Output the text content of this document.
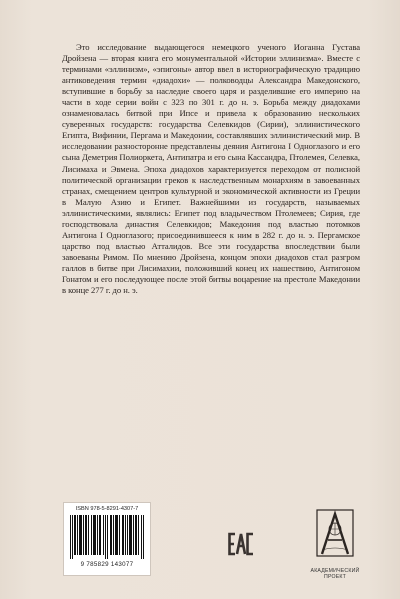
Это исследование выдающегося немецкого ученого Иоганна Густава Дройзена — вторая книга его монументальной «Истории эллинизма». Вместе с терминами «эллинизм», «эпигоны» автор ввел в историографическую традицию антиковедения термин «диадохи» — полководцы Александра Македонского, вступившие в борьбу за наследие своего царя и разделившие его империю на части в ходе серии войн с 323 по 301 г. до н. э. Борьба между диадохами ознаменовалась битвой при Ипсе и привела к образованию нескольких суверенных государств: государства Селевкидов (Сирии), эллинистического Египта, Вифинии, Пергама и Македонии, составлявших эллинистический мир. В исследовании разносторонне представлены деяния Антигона I Одноглазого и его сына Деметрия Полиоркета, Антипатра и его сына Кассандра, Птолемея, Селевка, Лисимаха и Эвмена. Эпоха диадохов характеризуется переходом от полисной политической организации греков к наследственным монархиям в завоеванных странах, смещением центров культурной и экономической активности из Греции в Малую Азию и Египет. Важнейшими из государств, называемых эллинистическими, являлись: Египет под владычеством Птолемеев; Сирия, где господствовала династия Селевкидов; Македония под властью потомков Антигона I Одноглазого; присоединившееся к ним в 282 г. до н. э. Пергамское царство под властью Атталидов. Все эти государства впоследствии были завоеваны Римом. По мнению Дройзена, концом эпохи диадохов стал разгром галлов в битве при Лисимахии, положивший конец их нашествию, Антигоном Гонатом и его последующее после этой битвы воцарение на престоле Македонии в конце 277 г. до н. э.

ISBN 978-5-8291-4307-7
9 785829 143077
АКАДЕМИЧЕСКИЙ
ПРОЕКТ
